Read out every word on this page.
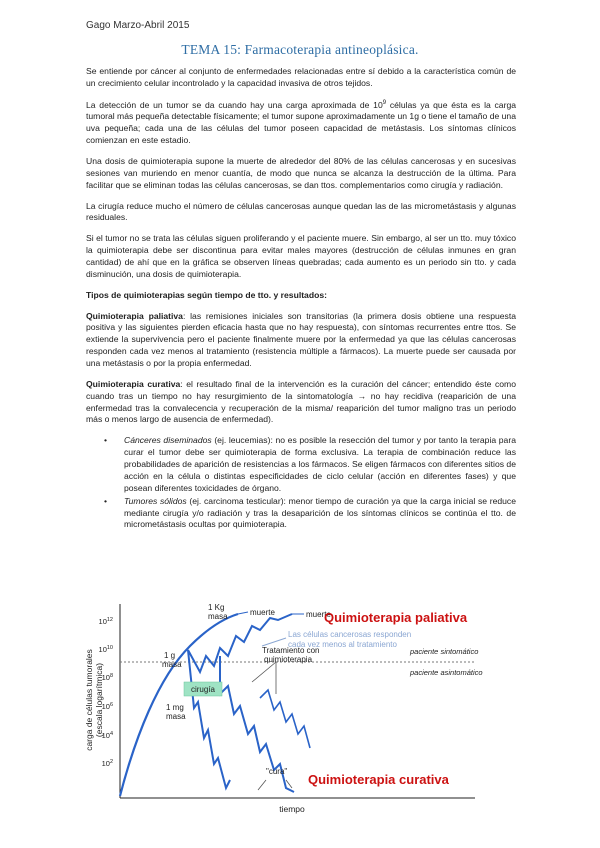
Gago Marzo-Abril 2015
TEMA 15: Farmacoterapia antineoplásica.

Se entiende por cáncer al conjunto de enfermedades relacionadas entre sí debido a la característica común de un crecimiento celular incontrolado y la capacidad invasiva de otros tejidos.

La detección de un tumor se da cuando hay una carga aproximada de $10^9$ células ya que ésta es la carga tumoral más pequeña detectable físicamente; el tumor supone aproximadamente un 1g o tiene el tamaño de una uva pequeña; cada una de las células del tumor poseen capacidad de metástasis. Los síntomas clínicos comienzan en este estadio.

Una dosis de quimioterapia supone la muerte de alrededor del 80% de las células cancerosas y en sucesivas sesiones van muriendo en menor cuantía, de modo que nunca se alcanza la destrucción de la última. Para facilitar que se eliminan todas las células cancerosas, se dan ttos. complementarios como cirugía y radiación.

La cirugía reduce mucho el número de células cancerosas aunque quedan las de las micrometástasis y algunas residuales.

Si el tumor no se trata las células siguen proliferando y el paciente muere. Sin embargo, al ser un tto. muy tóxico la quimioterapia debe ser discontinua para evitar males mayores (destrucción de células inmunes en gran cantidad) de ahí que en la gráfica se observen líneas quebradas; cada aumento es un periodo sin tto. y cada disminución, una dosis de quimioterapia.

Tipos de quimioterapias según tiempo de tto. y resultados:

Quimioterapia paliativa: las remisiones iniciales son transitorias (la primera dosis obtiene una respuesta positiva y las siguientes pierden eficacia hasta que no hay respuesta), con síntomas recurrentes entre ttos. Se extiende la supervivencia pero el paciente finalmente muere por la enfermedad ya que las células cancerosas responden cada vez menos al tratamiento (resistencia múltiple a fármacos). La muerte puede ser causada por una metástasis o por la propia enfermedad.

Quimioterapia curativa: el resultado final de la intervención es la curación del cáncer; entendido éste como cuando tras un tiempo no hay resurgimiento de la sintomatología → no hay recidiva (reaparición de una enfermedad tras la convalecencia y recuperación de la misma/ reaparición del tumor maligno tras un periodo más o menos largo de ausencia de enfermedad).

• Cánceres diseminados (ej. leucemias): no es posible la resección del tumor y por tanto la terapia para curar el tumor debe ser quimioterapia de forma exclusiva. La terapia de combinación reduce las probabilidades de aparición de resistencias a los fármacos. Se eligen fármacos con diferentes sitios de acción en la célula o distintas especificidades de ciclo celular (acción en diferentes fases) y que posean diferentes toxicidades de órgano.
• Tumores sólidos (ej. carcinoma testicular): menor tiempo de curación ya que la carga inicial se reduce mediante cirugía y/o radiación y tras la desaparición de los síntomas clínicos se continúa el tto. de micrometástasis ocultas por quimioterapia.
carga de células tumorales (escala logarítmica)
tiempo
$10^{12}$
$10^{10}$
$10^8$
$10^6$
$10^4$
$10^2$
paciente sintomático
paciente asintomático
muerte	muerte
1 Kg
masa
1 g
masa
1 mg
masa
cirugía
Las células cancerosas responden
cada vez menos al tratamiento
Tratamiento con
quimioterapia
"cura"
Quimioterapia paliativa
Quimioterapia curativa
